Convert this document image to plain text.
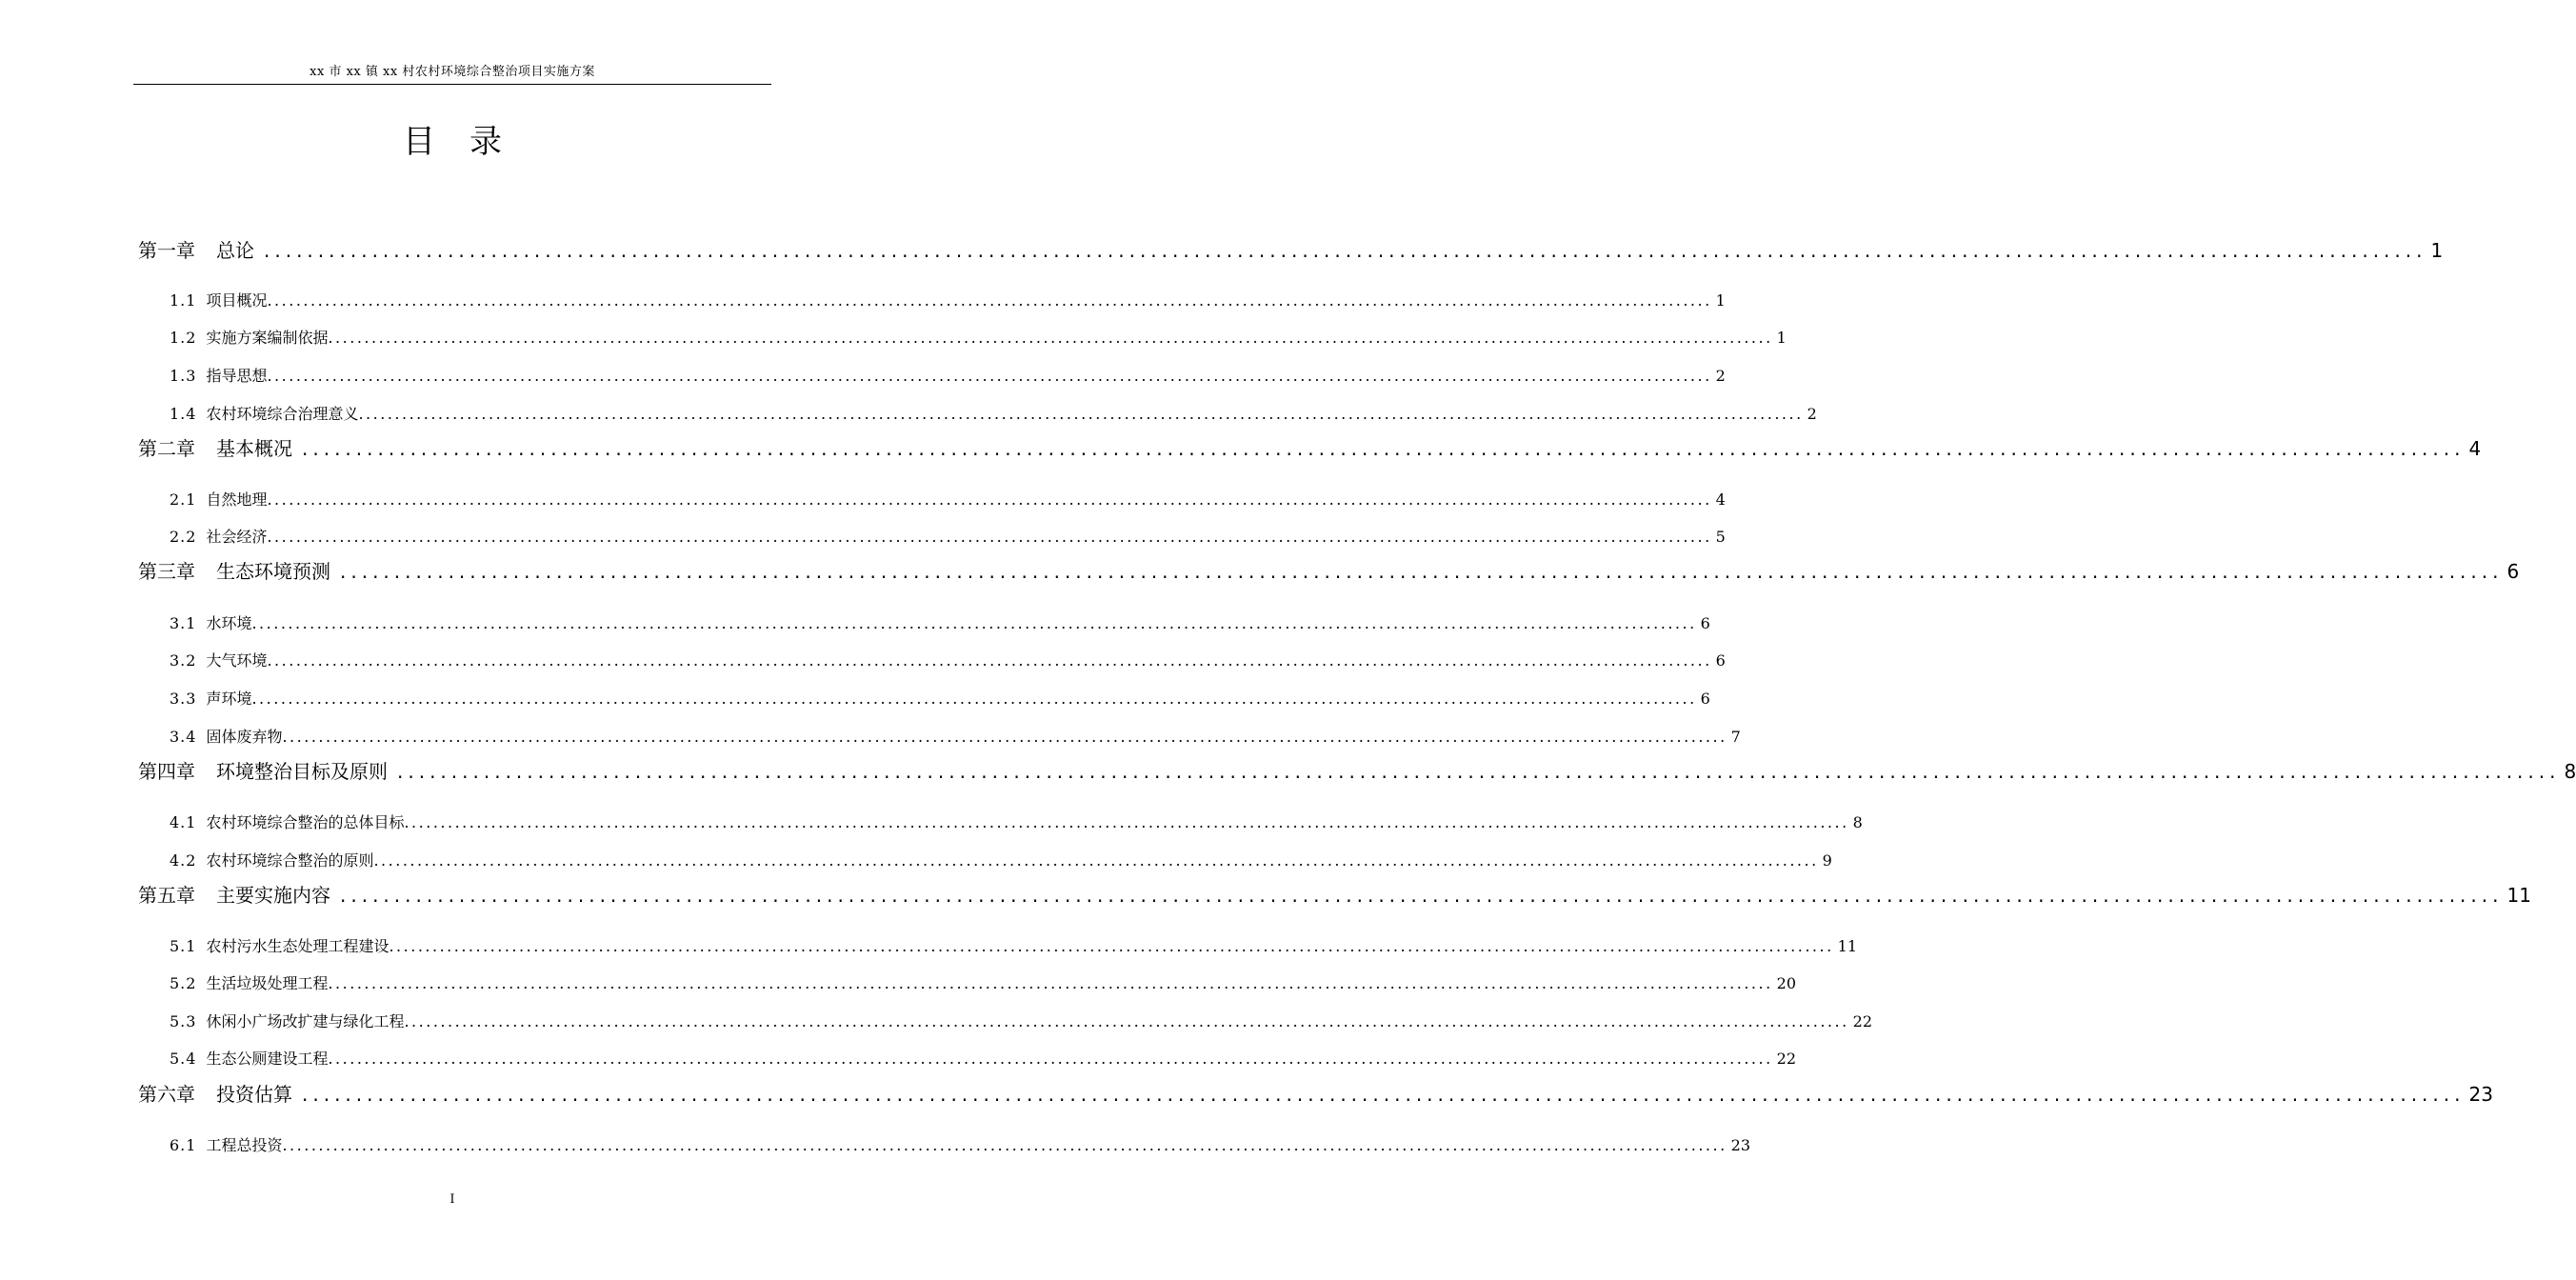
xx 市 xx 镇 xx 村农村环境综合整治项目实施方案
目录
第一章 总论 ........................................................................................................................................................................................................ 1
1.1 项目概况 ........................................................................................................................................................................................................ 1
1.2 实施方案编制依据 ........................................................................................................................................................................................................ 1
1.3 指导思想 ........................................................................................................................................................................................................ 2
1.4 农村环境综合治理意义 ........................................................................................................................................................................................................ 2
第二章 基本概况 ........................................................................................................................................................................................................ 4
2.1 自然地理 ........................................................................................................................................................................................................ 4
2.2 社会经济 ........................................................................................................................................................................................................ 5
第三章 生态环境预测 ........................................................................................................................................................................................................ 6
3.1 水环境 ........................................................................................................................................................................................................ 6
3.2 大气环境 ........................................................................................................................................................................................................ 6
3.3 声环境 ........................................................................................................................................................................................................ 6
3.4 固体废弃物 ........................................................................................................................................................................................................ 7
第四章 环境整治目标及原则 ........................................................................................................................................................................................................ 8
4.1 农村环境综合整治的总体目标 ........................................................................................................................................................................................................ 8
4.2 农村环境综合整治的原则 ........................................................................................................................................................................................................ 9
第五章 主要实施内容 ........................................................................................................................................................................................................ 11
5.1 农村污水生态处理工程建设 ........................................................................................................................................................................................................ 11
5.2 生活垃圾处理工程 ........................................................................................................................................................................................................ 20
5.3 休闲小广场改扩建与绿化工程 ........................................................................................................................................................................................................ 22
5.4 生态公厕建设工程 ........................................................................................................................................................................................................ 22
第六章 投资估算 ........................................................................................................................................................................................................ 23
6.1 工程总投资 ........................................................................................................................................................................................................ 23
I
